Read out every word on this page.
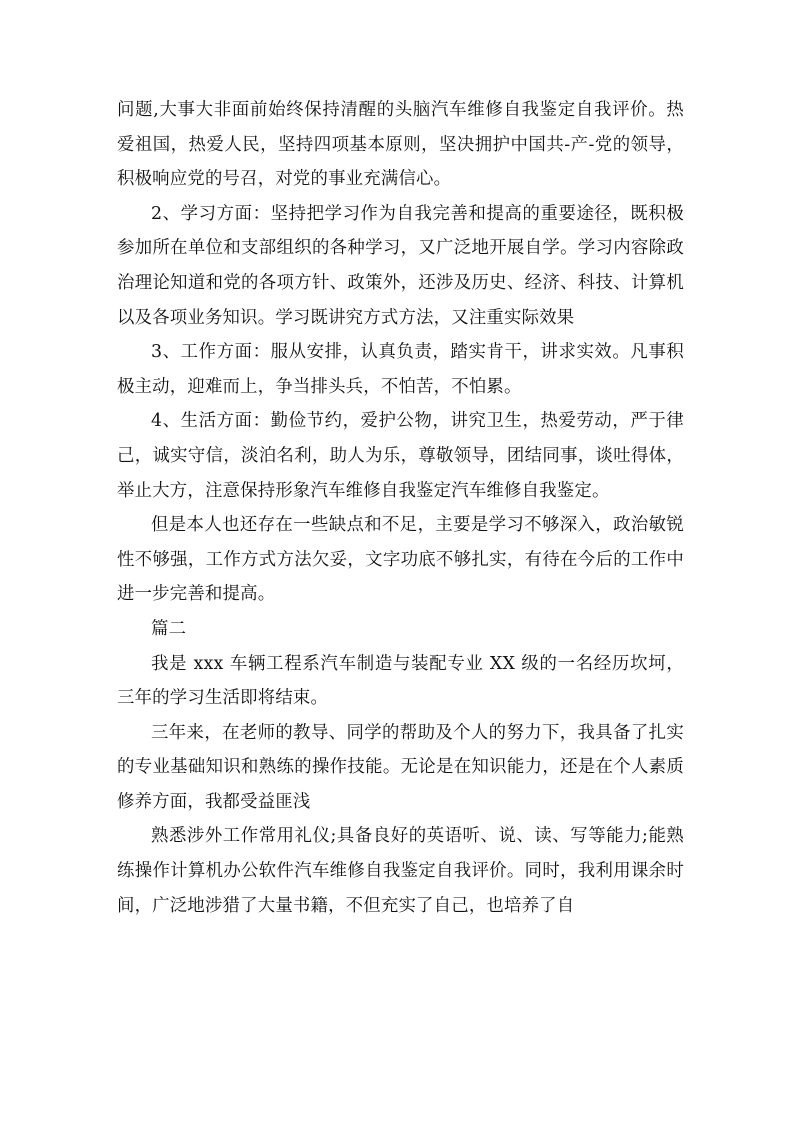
问题,大事大非面前始终保持清醒的头脑汽车维修自我鉴定自我评价。热爱祖国，热爱人民，坚持四项基本原则，坚决拥护中国共-产-党的领导，积极响应党的号召，对党的事业充满信心。

2、学习方面：坚持把学习作为自我完善和提高的重要途径，既积极参加所在单位和支部组织的各种学习，又广泛地开展自学。学习内容除政治理论知道和党的各项方针、政策外，还涉及历史、经济、科技、计算机以及各项业务知识。学习既讲究方式方法，又注重实际效果

3、工作方面：服从安排，认真负责，踏实肯干，讲求实效。凡事积极主动，迎难而上，争当排头兵，不怕苦，不怕累。

4、生活方面：勤俭节约，爱护公物，讲究卫生，热爱劳动，严于律己，诚实守信，淡泊名利，助人为乐，尊敬领导，团结同事，谈吐得体，举止大方，注意保持形象汽车维修自我鉴定汽车维修自我鉴定。

但是本人也还存在一些缺点和不足，主要是学习不够深入，政治敏锐性不够强，工作方式方法欠妥，文字功底不够扎实，有待在今后的工作中进一步完善和提高。

篇二

我是 xxx 车辆工程系汽车制造与装配专业 XX 级的一名经历坎坷，三年的学习生活即将结束。

三年来，在老师的教导、同学的帮助及个人的努力下，我具备了扎实的专业基础知识和熟练的操作技能。无论是在知识能力，还是在个人素质修养方面，我都受益匪浅

熟悉涉外工作常用礼仪;具备良好的英语听、说、读、写等能力;能熟练操作计算机办公软件汽车维修自我鉴定自我评价。同时，我利用课余时间，广泛地涉猎了大量书籍，不但充实了自己，也培养了自
